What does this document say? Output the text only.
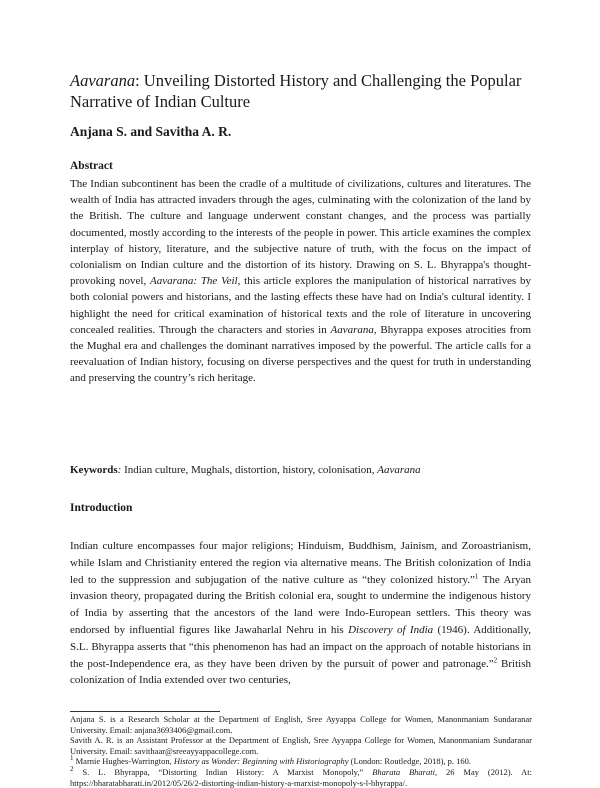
Aavarana: Unveiling Distorted History and Challenging the Popular Narrative of Indian Culture
Anjana S. and Savitha A. R.
Abstract
The Indian subcontinent has been the cradle of a multitude of civilizations, cultures and literatures. The wealth of India has attracted invaders through the ages, culminating with the colonization of the land by the British. The culture and language underwent constant changes, and the process was partially documented, mostly according to the interests of the people in power. This article examines the complex interplay of history, literature, and the subjective nature of truth, with the focus on the impact of colonialism on Indian culture and the distortion of its history. Drawing on S. L. Bhyrappa's thought-provoking novel, Aavarana: The Veil, this article explores the manipulation of historical narratives by both colonial powers and historians, and the lasting effects these have had on India's cultural identity. I highlight the need for critical examination of historical texts and the role of literature in uncovering concealed realities. Through the characters and stories in Aavarana, Bhyrappa exposes atrocities from the Mughal era and challenges the dominant narratives imposed by the powerful. The article calls for a reevaluation of Indian history, focusing on diverse perspectives and the quest for truth in understanding and preserving the country’s rich heritage.
Keywords: Indian culture, Mughals, distortion, history, colonisation, Aavarana
Introduction
Indian culture encompasses four major religions; Hinduism, Buddhism, Jainism, and Zoroastrianism, while Islam and Christianity entered the region via alternative means. The British colonization of India led to the suppression and subjugation of the native culture as “they colonized history.”$^1$ The Aryan invasion theory, propagated during the British colonial era, sought to undermine the indigenous history of India by asserting that the ancestors of the land were Indo-European settlers. This theory was endorsed by influential figures like Jawaharlal Nehru in his Discovery of India (1946). Additionally, S.L. Bhyrappa asserts that “this phenomenon has had an impact on the approach of notable historians in the post-Independence era, as they have been driven by the pursuit of power and patronage.”$^2$ British colonization of India extended over two centuries,

Anjana S. is a Research Scholar at the Department of English, Sree Ayyappa College for Women, Manonmaniam Sundaranar University. Email: anjana3693406@gmail.com.

Savith A. R. is an Assistant Professor at the Department of English, Sree Ayyappa College for Women, Manonmaniam Sundaranar University. Email: savithaar@sreeayyappacollege.com.

$^1$ Marnie Hughes-Warrington, History as Wonder: Beginning with Historiography (London: Routledge, 2018), p. 160.

$^2$ S. L. Bhyrappa, “Distorting Indian History: A Marxist Monopoly,” Bharata Bharati, 26 May (2012). At: https://bharatabharati.in/2012/05/26/2-distorting-indian-history-a-marxist-monopoly-s-l-bhyrappa/.
